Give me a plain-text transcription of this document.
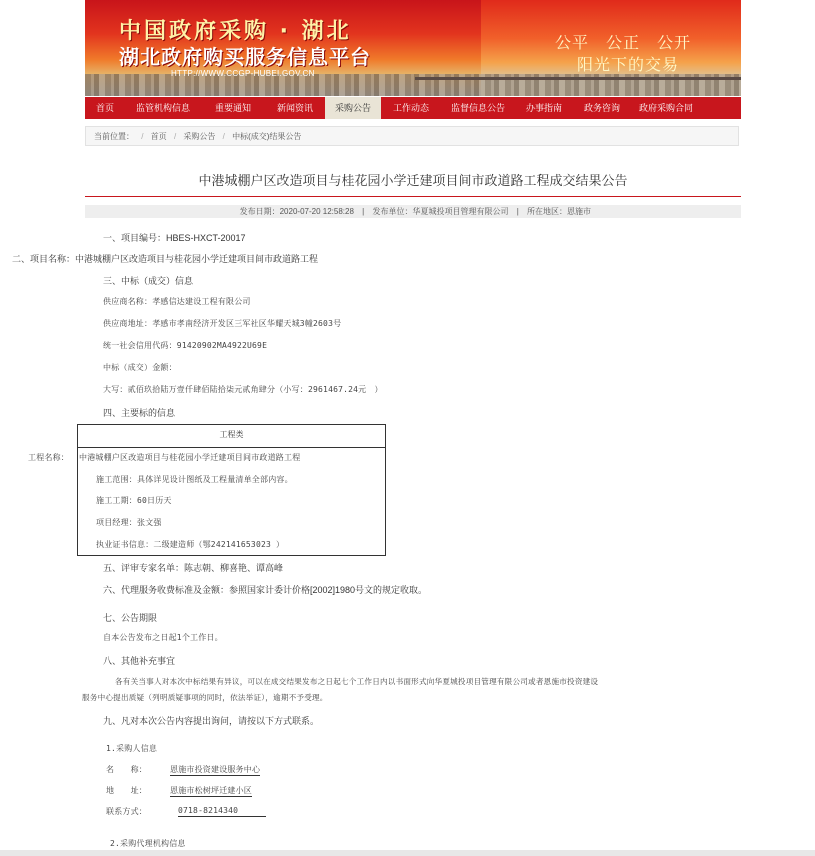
中国政府采购 · 湖北
湖北政府购买服务信息平台
HTTP://WWW.CCGP-HUBEI.GOV.CN
公平　公正　公开
阳光下的交易
首页	监管机构信息	重要通知	新闻资讯	采购公告	工作动态	监督信息公告	办事指南	政务咨询	政府采购合同
当前位置： / 首页 / 采购公告 / 中标(成交)结果公告
中港城棚户区改造项目与桂花园小学迁建项目间市政道路工程成交结果公告
发布日期：2020-07-20 12:58:28 | 发布单位：华夏城投项目管理有限公司 | 所在地区：恩施市
一、项目编号：HBES-HXCT-20017
二、项目名称：中港城棚户区改造项目与桂花园小学迁建项目间市政道路工程
三、中标（成交）信息
供应商名称：孝感信达建设工程有限公司
供应商地址：孝感市孝南经济开发区三军社区华耀天城3幢2603号
统一社会信用代码：91420902MA4922U69E
中标（成交）金额：
大写：贰佰玖拾陆万壹仟肆佰陆拾柒元贰角肆分（小写：2961467.24元　）
四、主要标的信息
工程类
工程名称： 中港城棚户区改造项目与桂花园小学迁建项目间市政道路工程
施工范围：具体详见设计图纸及工程量清单全部内容。
施工工期：60日历天
项目经理：张文强
执业证书信息：二级建造师（鄂242141653023 ）
五、评审专家名单：陈志朝、柳喜艳、谭高峰
六、代理服务收费标准及金额：参照国家计委计价格[2002]1980号文的规定收取。
七、公告期限
自本公告发布之日起1个工作日。
八、其他补充事宜
各有关当事人对本次中标结果有异议，可以在成交结果发布之日起七个工作日内以书面形式向华夏城投项目管理有限公司或者恩施市投资建设
服务中心提出质疑（列明质疑事项的同时，依法举证），逾期不予受理。
九、凡对本次公告内容提出询问，请按以下方式联系。
1.采购人信息
名　　称：	恩施市投资建设服务中心
地　　址：	恩施市松树坪迁建小区　　
联系方式：	0718-8214340
2.采购代理机构信息
